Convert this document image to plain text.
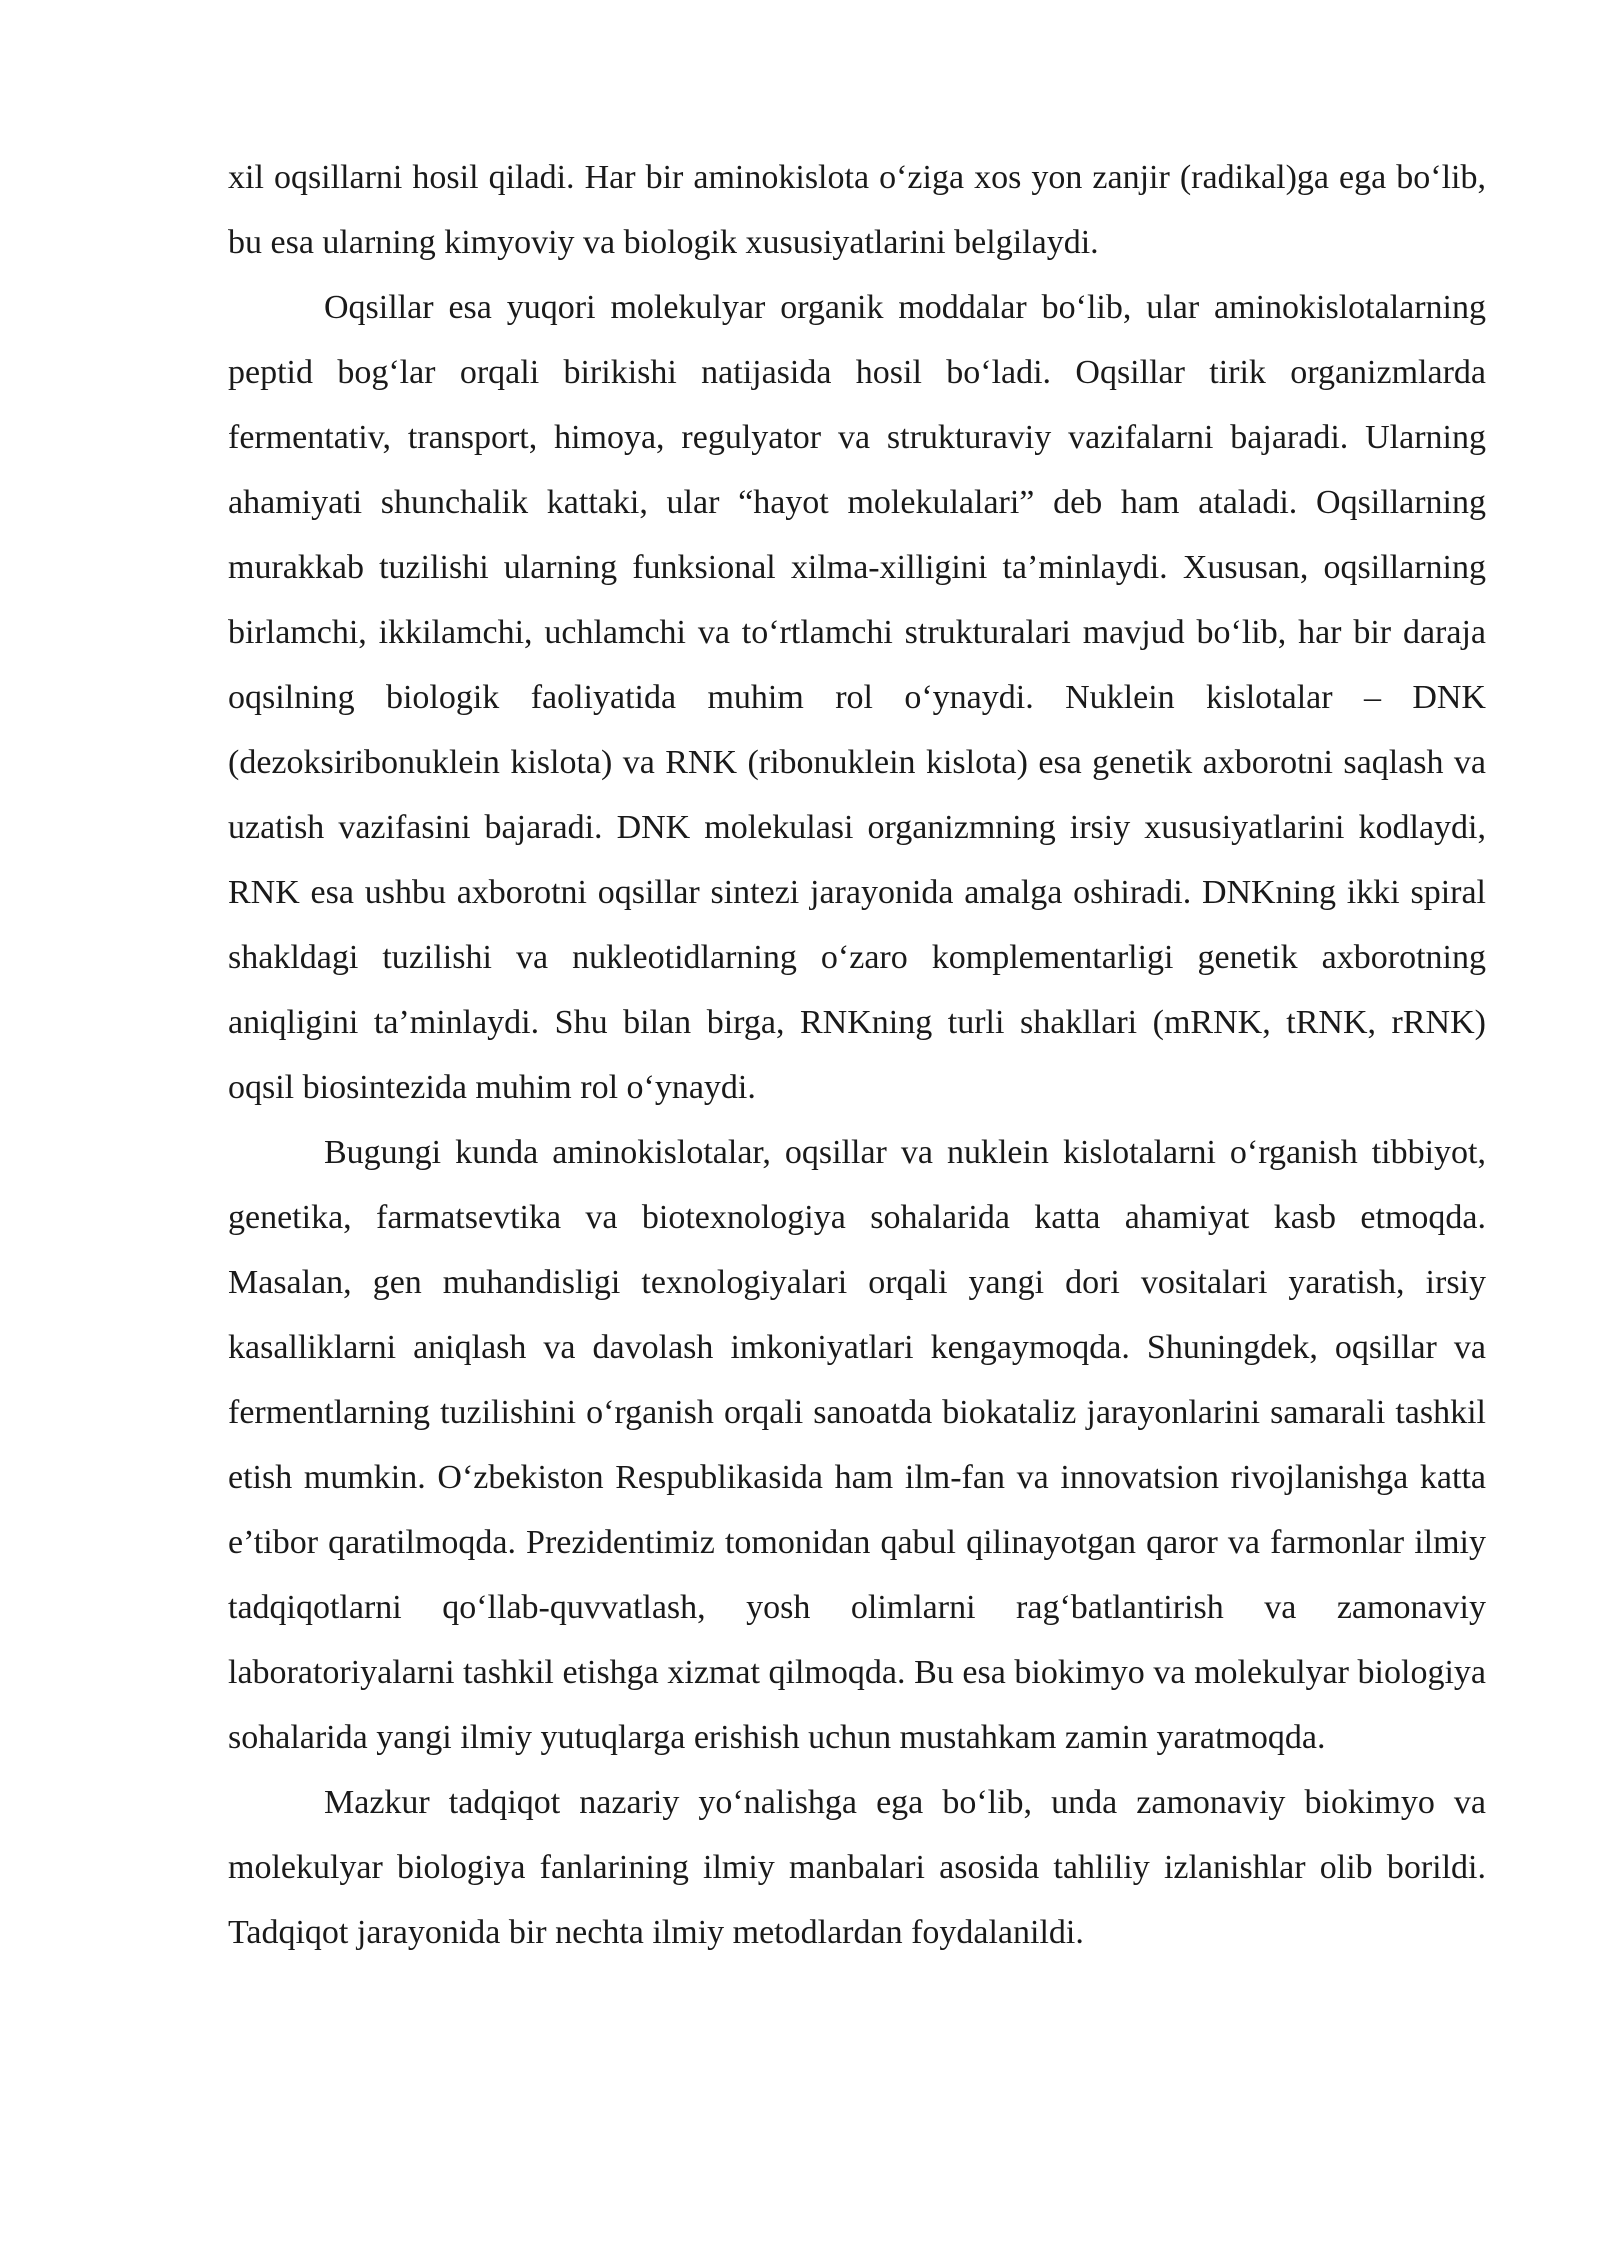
xil oqsillarni hosil qiladi. Har bir aminokislota o‘ziga xos yon zanjir (radikal)ga ega bo‘lib, bu esa ularning kimyoviy va biologik xususiyatlarini belgilaydi.

Oqsillar esa yuqori molekulyar organik moddalar bo‘lib, ular aminokislotalarning peptid bog‘lar orqali birikishi natijasida hosil bo‘ladi. Oqsillar tirik organizmlarda fermentativ, transport, himoya, regulyator va strukturaviy vazifalarni bajaradi. Ularning ahamiyati shunchalik kattaki, ular “hayot molekulalari” deb ham ataladi. Oqsillarning murakkab tuzilishi ularning funksional xilma-xilligini ta’minlaydi. Xususan, oqsillarning birlamchi, ikkilamchi, uchlamchi va to‘rtlamchi strukturalari mavjud bo‘lib, har bir daraja oqsilning biologik faoliyatida muhim rol o‘ynaydi. Nuklein kislotalar – DNK (dezoksiribonuklein kislota) va RNK (ribonuklein kislota) esa genetik axborotni saqlash va uzatish vazifasini bajaradi. DNK molekulasi organizmning irsiy xususiyatlarini kodlaydi, RNK esa ushbu axborotni oqsillar sintezi jarayonida amalga oshiradi. DNKning ikki spiral shakldagi tuzilishi va nukleotidlarning o‘zaro komplementarligi genetik axborotning aniqligini ta’minlaydi. Shu bilan birga, RNKning turli shakllari (mRNK, tRNK, rRNK) oqsil biosintezida muhim rol o‘ynaydi.

Bugungi kunda aminokislotalar, oqsillar va nuklein kislotalarni o‘rganish tibbiyot, genetika, farmatsevtika va biotexnologiya sohalarida katta ahamiyat kasb etmoqda. Masalan, gen muhandisligi texnologiyalari orqali yangi dori vositalari yaratish, irsiy kasalliklarni aniqlash va davolash imkoniyatlari kengaymoqda. Shuningdek, oqsillar va fermentlarning tuzilishini o‘rganish orqali sanoatda biokataliz jarayonlarini samarali tashkil etish mumkin. O‘zbekiston Respublikasida ham ilm-fan va innovatsion rivojlanishga katta e’tibor qaratilmoqda. Prezidentimiz tomonidan qabul qilinayotgan qaror va farmonlar ilmiy tadqiqotlarni qo‘llab-quvvatlash, yosh olimlarni rag‘batlantirish va zamonaviy laboratoriyalarni tashkil etishga xizmat qilmoqda. Bu esa biokimyo va molekulyar biologiya sohalarida yangi ilmiy yutuqlarga erishish uchun mustahkam zamin yaratmoqda.

Mazkur tadqiqot nazariy yo‘nalishga ega bo‘lib, unda zamonaviy biokimyo va molekulyar biologiya fanlarining ilmiy manbalari asosida tahliliy izlanishlar olib borildi. Tadqiqot jarayonida bir nechta ilmiy metodlardan foydalanildi.
